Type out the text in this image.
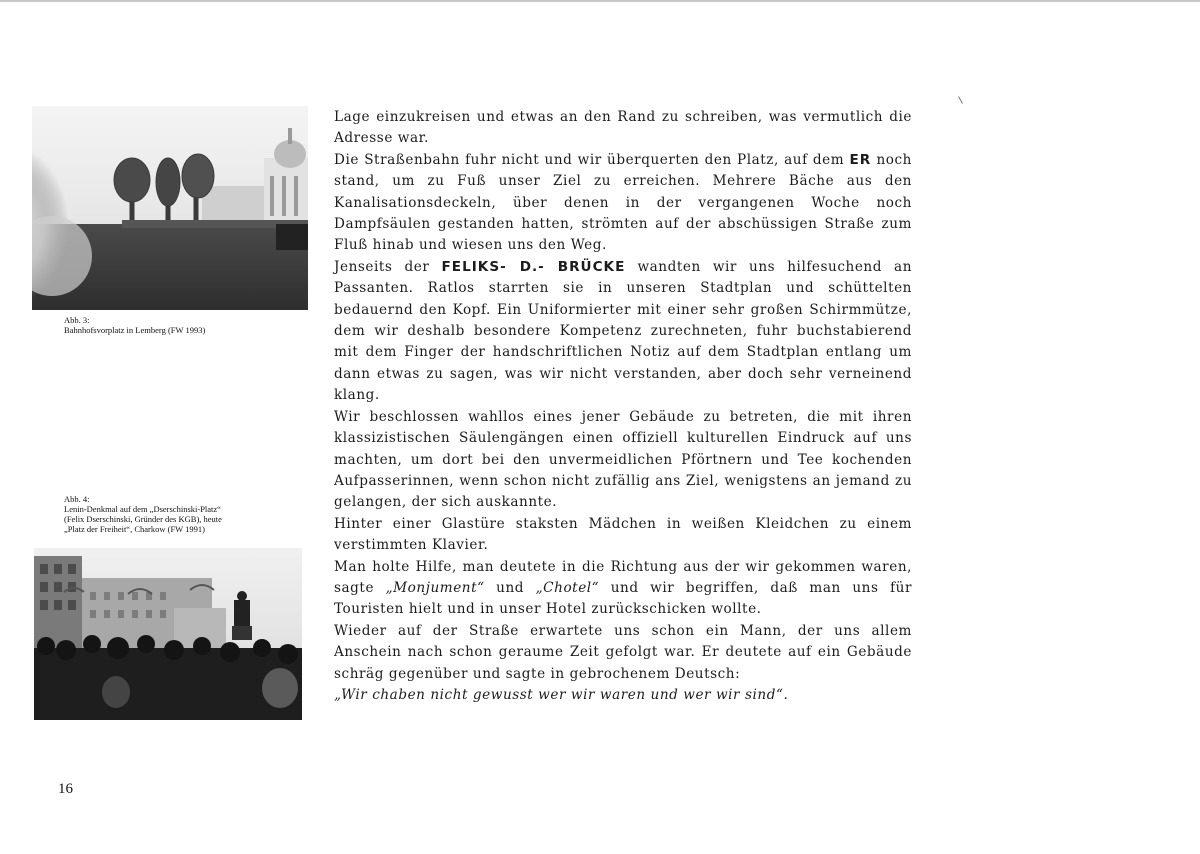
Abb. 3:
Bahnhofsvorplatz in Lemberg (FW 1993)
Abb. 4:
Lenin-Denkmal auf dem „Dserschinski-Platz“
(Felix Dserschinski, Gründer des KGB), heute
„Platz der Freiheit“, Charkow (FW 1991)

Lage einzukreisen und etwas an den Rand zu schreiben, was vermutlich die Adresse war.

Die Straßenbahn fuhr nicht und wir überquerten den Platz, auf dem ER noch stand, um zu Fuß unser Ziel zu erreichen. Mehrere Bäche aus den Kanalisationsdeckeln, über denen in der vergangenen Woche noch Dampfsäulen gestanden hatten, strömten auf der abschüssigen Straße zum Fluß hinab und wiesen uns den Weg.

Jenseits der FELIKS- D.- BRÜCKE wandten wir uns hilfesuchend an Passanten. Ratlos starrten sie in unseren Stadtplan und schüttelten bedauernd den Kopf. Ein Uniformierter mit einer sehr großen Schirmmütze, dem wir deshalb besondere Kompetenz zurechneten, fuhr buchstabierend mit dem Finger der handschriftlichen Notiz auf dem Stadtplan entlang um dann etwas zu sagen, was wir nicht verstanden, aber doch sehr verneinend klang.

Wir beschlossen wahllos eines jener Gebäude zu betreten, die mit ihren klassizistischen Säulengängen einen offiziell kulturellen Eindruck auf uns machten, um dort bei den unvermeidlichen Pförtnern und Tee kochenden Aufpasserinnen, wenn schon nicht zufällig ans Ziel, wenigstens an jemand zu gelangen, der sich auskannte.

Hinter einer Glastüre staksten Mädchen in weißen Kleidchen zu einem verstimmten Klavier.

Man holte Hilfe, man deutete in die Richtung aus der wir gekommen waren, sagte „Monjument“ und „Chotel“ und wir begriffen, daß man uns für Touristen hielt und in unser Hotel zurückschicken wollte.

Wieder auf der Straße erwartete uns schon ein Mann, der uns allem Anschein nach schon geraume Zeit gefolgt war. Er deutete auf ein Gebäude schräg gegenüber und sagte in gebrochenem Deutsch:

„Wir chaben nicht gewusst wer wir waren und wer wir sind“.

16
